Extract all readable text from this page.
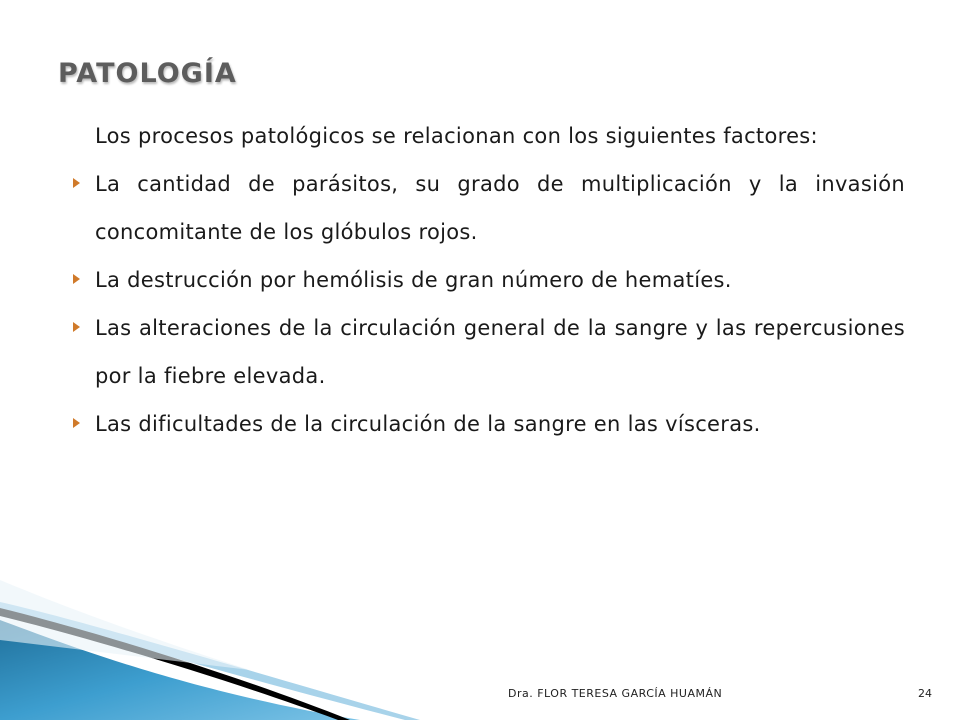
PATOLOGÍA

Los procesos patológicos se relacionan con los siguientes factores:

La cantidad de parásitos, su grado de multiplicación y la invasión concomitante de los glóbulos rojos.
La destrucción por hemólisis de gran número de hematíes.
Las alteraciones de la circulación general de la sangre y las repercusiones por la fiebre elevada.
Las dificultades de la circulación de la sangre en las vísceras.
Dra. FLOR TERESA GARCÍA HUAMÁN	24
